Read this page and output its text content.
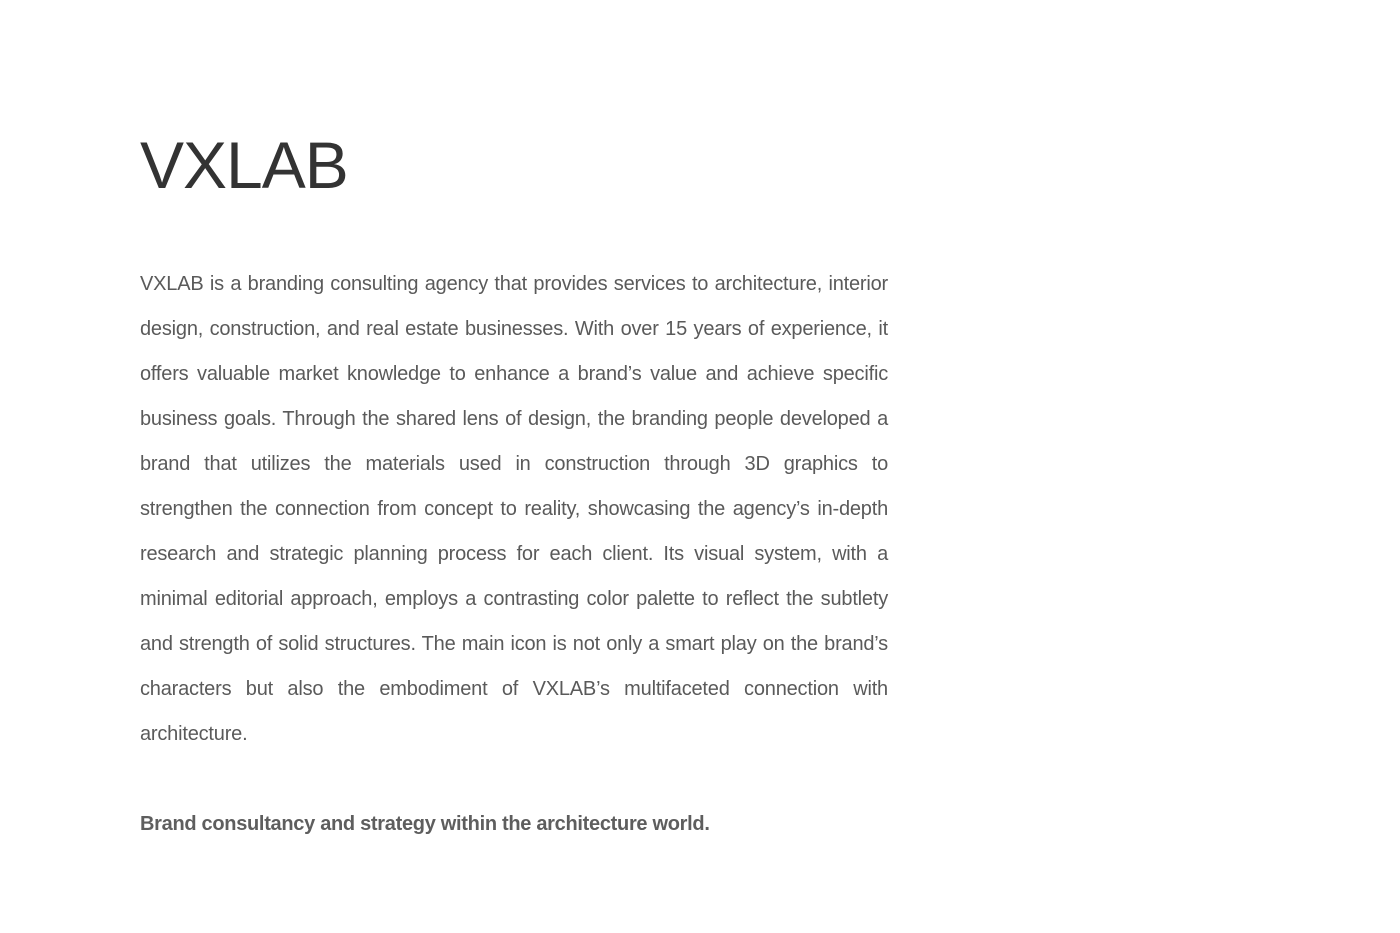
VXLAB

VXLAB is a branding consulting agency that provides services to architecture, interior design, construction, and real estate businesses. With over 15 years of experience, it offers valuable market knowledge to enhance a brand’s value and achieve specific business goals. Through the shared lens of design, the branding people developed a brand that utilizes the materials used in construction through 3D graphics to strengthen the connection from concept to reality, showcasing the agency’s in-depth research and strategic planning process for each client. Its visual system, with a minimal editorial approach, employs a contrasting color palette to reflect the subtlety and strength of solid structures. The main icon is not only a smart play on the brand’s characters but also the embodiment of VXLAB’s multifaceted connection with architecture.

Brand consultancy and strategy within the architecture world.
